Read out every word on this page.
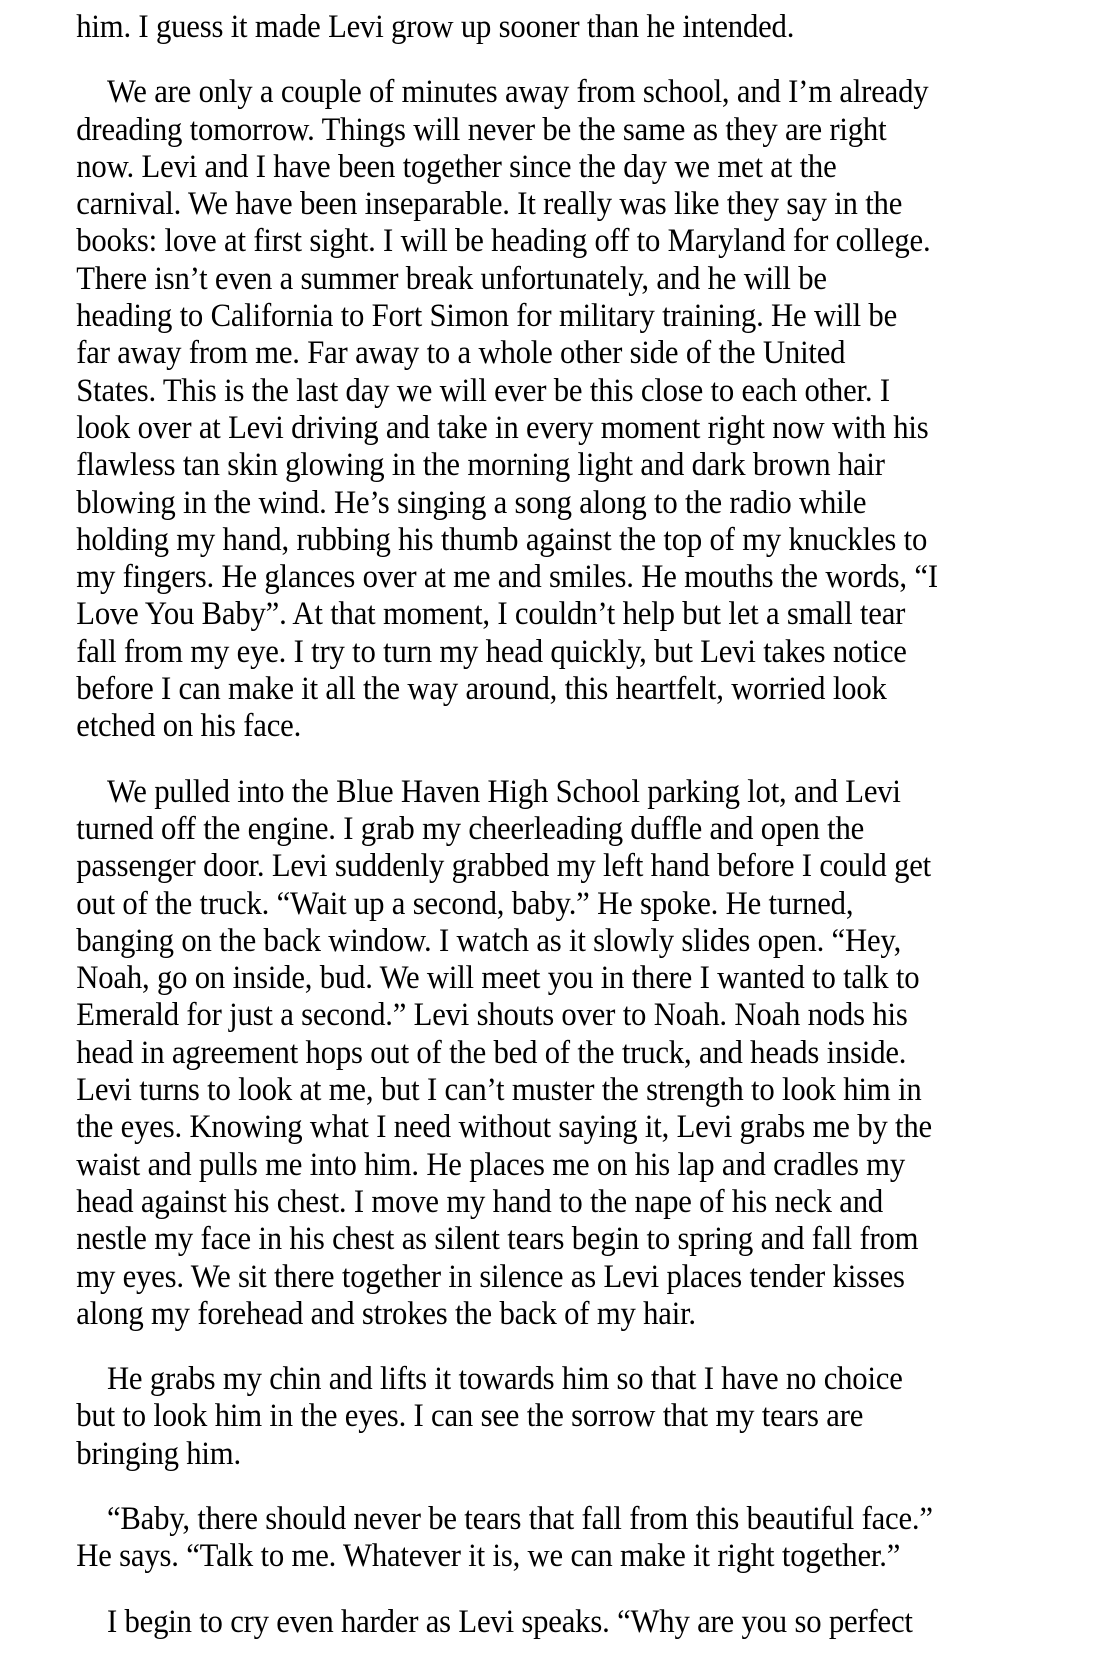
him. I guess it made Levi grow up sooner than he intended.
We are only a couple of minutes away from school, and I’m already
dreading tomorrow. Things will never be the same as they are right
now. Levi and I have been together since the day we met at the
carnival. We have been inseparable. It really was like they say in the
books: love at first sight. I will be heading off to Maryland for college.
There isn’t even a summer break unfortunately, and he will be
heading to California to Fort Simon for military training. He will be
far away from me. Far away to a whole other side of the United
States. This is the last day we will ever be this close to each other. I
look over at Levi driving and take in every moment right now with his
flawless tan skin glowing in the morning light and dark brown hair
blowing in the wind. He’s singing a song along to the radio while
holding my hand, rubbing his thumb against the top of my knuckles to
my fingers. He glances over at me and smiles. He mouths the words, “I
Love You Baby”. At that moment, I couldn’t help but let a small tear
fall from my eye. I try to turn my head quickly, but Levi takes notice
before I can make it all the way around, this heartfelt, worried look
etched on his face.
We pulled into the Blue Haven High School parking lot, and Levi
turned off the engine. I grab my cheerleading duffle and open the
passenger door. Levi suddenly grabbed my left hand before I could get
out of the truck. “Wait up a second, baby.” He spoke. He turned,
banging on the back window. I watch as it slowly slides open. “Hey,
Noah, go on inside, bud. We will meet you in there I wanted to talk to
Emerald for just a second.” Levi shouts over to Noah. Noah nods his
head in agreement hops out of the bed of the truck, and heads inside.
Levi turns to look at me, but I can’t muster the strength to look him in
the eyes. Knowing what I need without saying it, Levi grabs me by the
waist and pulls me into him. He places me on his lap and cradles my
head against his chest. I move my hand to the nape of his neck and
nestle my face in his chest as silent tears begin to spring and fall from
my eyes. We sit there together in silence as Levi places tender kisses
along my forehead and strokes the back of my hair.
He grabs my chin and lifts it towards him so that I have no choice
but to look him in the eyes. I can see the sorrow that my tears are
bringing him.
“Baby, there should never be tears that fall from this beautiful face.”
He says. “Talk to me. Whatever it is, we can make it right together.”
I begin to cry even harder as Levi speaks. “Why are you so perfect
